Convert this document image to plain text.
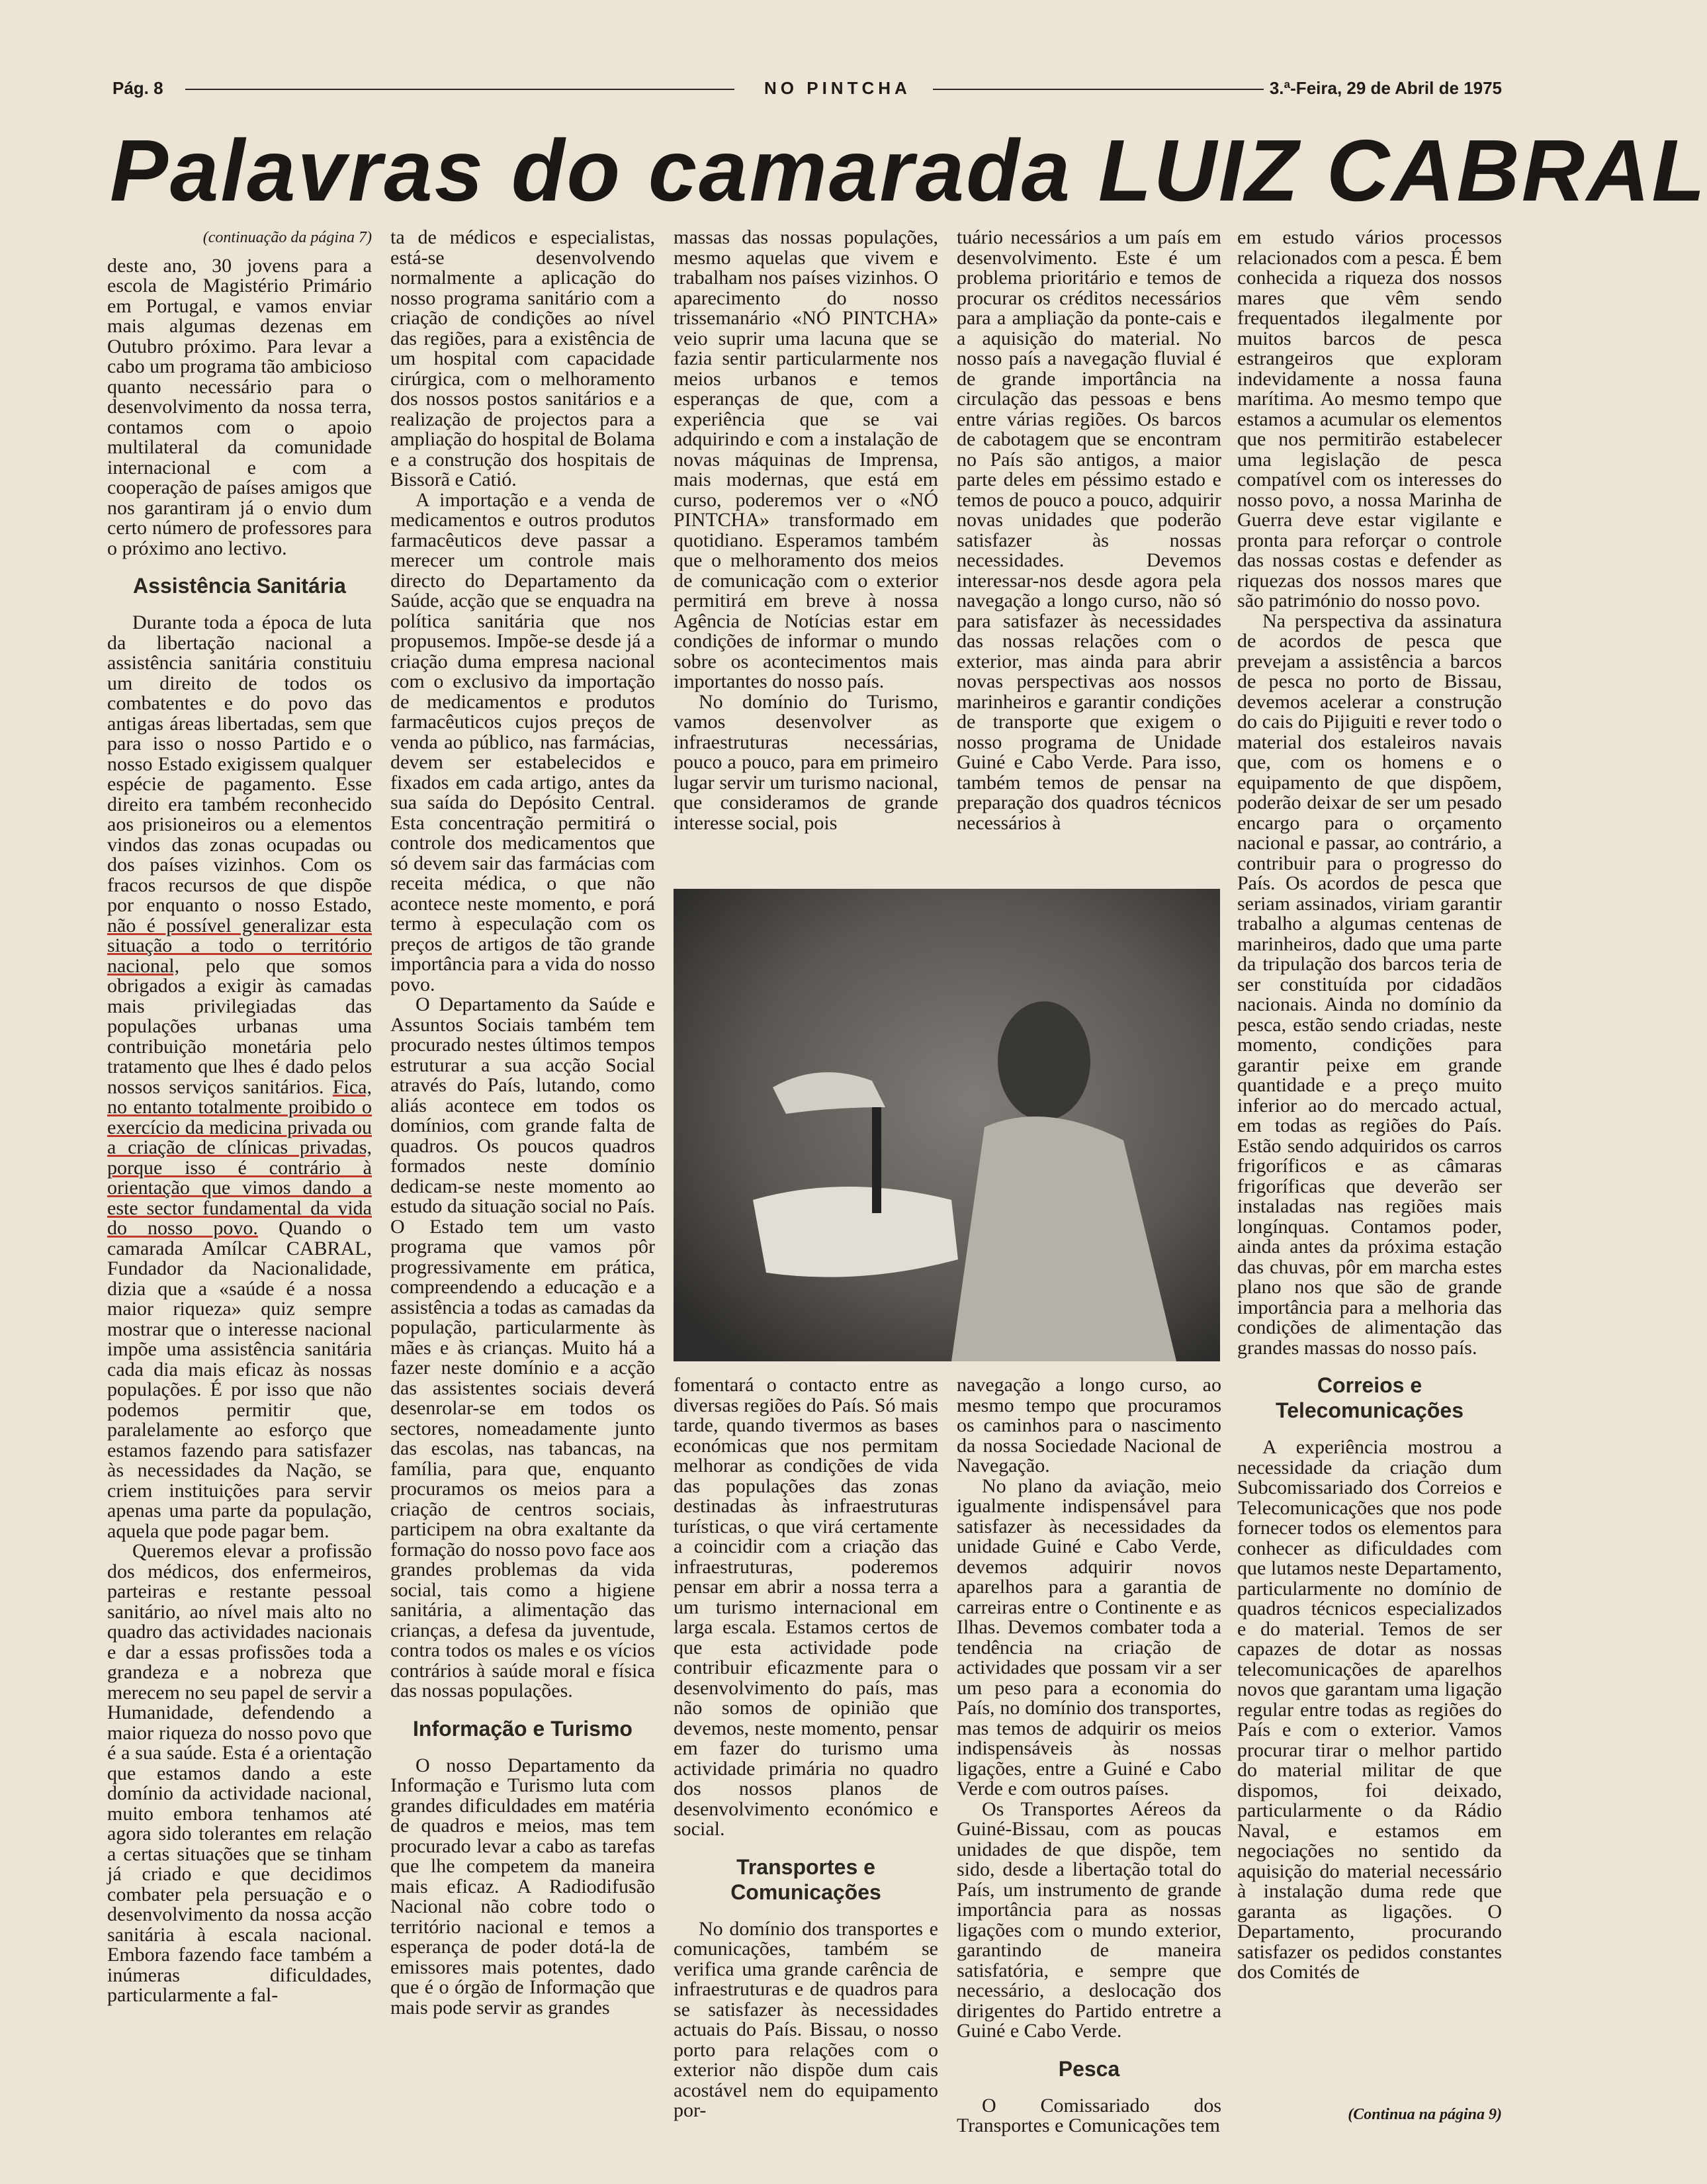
Pág. 8	NO PINTCHA	3.ª-Feira, 29 de Abril de 1975
Palavras do camarada LUIZ CABRAL
(continuação da página 7)

deste ano, 30 jovens para a escola de Magistério Primário em Portugal, e vamos enviar mais algumas dezenas em Outubro próximo. Para levar a cabo um programa tão ambicioso quanto necessário para o desenvolvimento da nossa terra, contamos com o apoio multilateral da comunidade internacional e com a cooperação de países amigos que nos garantiram já o envio dum certo número de professores para o próximo ano lectivo.

Assistência Sanitária

Durante toda a época de luta da libertação nacional a assistência sanitária constituiu um direito de todos os combatentes e do povo das antigas áreas libertadas, sem que para isso o nosso Partido e o nosso Estado exigissem qualquer espécie de pagamento. Esse direito era também reconhecido aos prisioneiros ou a elementos vindos das zonas ocupadas ou dos países vizinhos. Com os fracos recursos de que dispõe por enquanto o nosso Estado, não é possível generalizar esta situação a todo o território nacional, pelo que somos obrigados a exigir às camadas mais privilegiadas das populações urbanas uma contribuição monetária pelo tratamento que lhes é dado pelos nossos serviços sanitários. Fica, no entanto totalmente proibido o exercício da medicina privada ou a criação de clínicas privadas, porque isso é contrário à orientação que vimos dando a este sector fundamental da vida do nosso povo. Quando o camarada Amílcar CABRAL, Fundador da Nacionalidade, dizia que a «saúde é a nossa maior riqueza» quiz sempre mostrar que o interesse nacional impõe uma assistência sanitária cada dia mais eficaz às nossas populações. É por isso que não podemos permitir que, paralelamente ao esforço que estamos fazendo para satisfazer às necessidades da Nação, se criem instituições para servir apenas uma parte da população, aquela que pode pagar bem.

Queremos elevar a profissão dos médicos, dos enfermeiros, parteiras e restante pessoal sanitário, ao nível mais alto no quadro das actividades nacionais e dar a essas profissões toda a grandeza e a nobreza que merecem no seu papel de servir a Humanidade, defendendo a maior riqueza do nosso povo que é a sua saúde. Esta é a orientação que estamos dando a este domínio da actividade nacional, muito embora tenhamos até agora sido tolerantes em relação a certas situações que se tinham já criado e que decidimos combater pela persuação e o desenvolvimento da nossa acção sanitária à escala nacional. Embora fazendo face também a inúmeras dificuldades, particularmente a fal-

ta de médicos e especialistas, está-se desenvolvendo normalmente a aplicação do nosso programa sanitário com a criação de condições ao nível das regiões, para a existência de um hospital com capacidade cirúrgica, com o melhoramento dos nossos postos sanitários e a realização de projectos para a ampliação do hospital de Bolama e a construção dos hospitais de Bissorã e Catió.

A importação e a venda de medicamentos e outros produtos farmacêuticos deve passar a merecer um controle mais directo do Departamento da Saúde, acção que se enquadra na política sanitária que nos propusemos. Impõe-se desde já a criação duma empresa nacional com o exclusivo da importação de medicamentos e produtos farmacêuticos cujos preços de venda ao público, nas farmácias, devem ser estabelecidos e fixados em cada artigo, antes da sua saída do Depósito Central. Esta concentração permitirá o controle dos medicamentos que só devem sair das farmácias com receita médica, o que não acontece neste momento, e porá termo à especulação com os preços de artigos de tão grande importância para a vida do nosso povo.

O Departamento da Saúde e Assuntos Sociais também tem procurado nestes últimos tempos estruturar a sua acção Social através do País, lutando, como aliás acontece em todos os domínios, com grande falta de quadros. Os poucos quadros formados neste domínio dedicam-se neste momento ao estudo da situação social no País. O Estado tem um vasto programa que vamos pôr progressivamente em prática, compreendendo a educação e a assistência a todas as camadas da população, particularmente às mães e às crianças. Muito há a fazer neste domínio e a acção das assistentes sociais deverá desenrolar-se em todos os sectores, nomeadamente junto das escolas, nas tabancas, na família, para que, enquanto procuramos os meios para a criação de centros sociais, participem na obra exaltante da formação do nosso povo face aos grandes problemas da vida social, tais como a higiene sanitária, a alimentação das crianças, a defesa da juventude, contra todos os males e os vícios contrários à saúde moral e física das nossas populações.

Informação e Turismo

O nosso Departamento da Informação e Turismo luta com grandes dificuldades em matéria de quadros e meios, mas tem procurado levar a cabo as tarefas que lhe competem da maneira mais eficaz. A Radiodifusão Nacional não cobre todo o território nacional e temos a esperança de poder dotá-la de emissores mais potentes, dado que é o órgão de Informação que mais pode servir as grandes

massas das nossas populações, mesmo aquelas que vivem e trabalham nos países vizinhos. O aparecimento do nosso trissemanário «NÓ PINTCHA» veio suprir uma lacuna que se fazia sentir particularmente nos meios urbanos e temos esperanças de que, com a experiência que se vai adquirindo e com a instalação de novas máquinas de Imprensa, mais modernas, que está em curso, poderemos ver o «NÓ PINTCHA» transformado em quotidiano. Esperamos também que o melhoramento dos meios de comunicação com o exterior permitirá em breve à nossa Agência de Notícias estar em condições de informar o mundo sobre os acontecimentos mais importantes do nosso país.

No domínio do Turismo, vamos desenvolver as infraestruturas necessárias, pouco a pouco, para em primeiro lugar servir um turismo nacional, que consideramos de grande interesse social, pois

tuário necessários a um país em desenvolvimento. Este é um problema prioritário e temos de procurar os créditos necessários para a ampliação da ponte-cais e a aquisição do material. No nosso país a navegação fluvial é de grande importância na circulação das pessoas e bens entre várias regiões. Os barcos de cabotagem que se encontram no País são antigos, a maior parte deles em péssimo estado e temos de pouco a pouco, adquirir novas unidades que poderão satisfazer às nossas necessidades. Devemos interessar-nos desde agora pela navegação a longo curso, não só para satisfazer às necessidades das nossas relações com o exterior, mas ainda para abrir novas perspectivas aos nossos marinheiros e garantir condições de transporte que exigem o nosso programa de Unidade Guiné e Cabo Verde. Para isso, também temos de pensar na preparação dos quadros técnicos necessários à

fomentará o contacto entre as diversas regiões do País. Só mais tarde, quando tivermos as bases económicas que nos permitam melhorar as condições de vida das populações das zonas destinadas às infraestruturas turísticas, o que virá certamente a coincidir com a criação das infraestruturas, poderemos pensar em abrir a nossa terra a um turismo internacional em larga escala. Estamos certos de que esta actividade pode contribuir eficazmente para o desenvolvimento do país, mas não somos de opinião que devemos, neste momento, pensar em fazer do turismo uma actividade primária no quadro dos nossos planos de desenvolvimento económico e social.

Transportes e Comunicações

No domínio dos transportes e comunicações, também se verifica uma grande carência de infraestruturas e de quadros para se satisfazer às necessidades actuais do País. Bissau, o nosso porto para relações com o exterior não dispõe dum cais acostável nem do equipamento por-

navegação a longo curso, ao mesmo tempo que procuramos os caminhos para o nascimento da nossa Sociedade Nacional de Navegação.

No plano da aviação, meio igualmente indispensável para satisfazer às necessidades da unidade Guiné e Cabo Verde, devemos adquirir novos aparelhos para a garantia de carreiras entre o Continente e as Ilhas. Devemos combater toda a tendência na criação de actividades que possam vir a ser um peso para a economia do País, no domínio dos transportes, mas temos de adquirir os meios indispensáveis às nossas ligações, entre a Guiné e Cabo Verde e com outros países.

Os Transportes Aéreos da Guiné-Bissau, com as poucas unidades de que dispõe, tem sido, desde a libertação total do País, um instrumento de grande importância para as nossas ligações com o mundo exterior, garantindo de maneira satisfatória, e sempre que necessário, a deslocação dos dirigentes do Partido entretre a Guiné e Cabo Verde.

Pesca

O Comissariado dos Transportes e Comunicações tem

em estudo vários processos relacionados com a pesca. É bem conhecida a riqueza dos nossos mares que vêm sendo frequentados ilegalmente por muitos barcos de pesca estrangeiros que exploram indevidamente a nossa fauna marítima. Ao mesmo tempo que estamos a acumular os elementos que nos permitirão estabelecer uma legislação de pesca compatível com os interesses do nosso povo, a nossa Marinha de Guerra deve estar vigilante e pronta para reforçar o controle das nossas costas e defender as riquezas dos nossos mares que são património do nosso povo.

Na perspectiva da assinatura de acordos de pesca que prevejam a assistência a barcos de pesca no porto de Bissau, devemos acelerar a construção do cais do Pijiguiti e rever todo o material dos estaleiros navais que, com os homens e o equipamento de que dispõem, poderão deixar de ser um pesado encargo para o orçamento nacional e passar, ao contrário, a contribuir para o progresso do País. Os acordos de pesca que seriam assinados, viriam garantir trabalho a algumas centenas de marinheiros, dado que uma parte da tripulação dos barcos teria de ser constituída por cidadãos nacionais. Ainda no domínio da pesca, estão sendo criadas, neste momento, condições para garantir peixe em grande quantidade e a preço muito inferior ao do mercado actual, em todas as regiões do País. Estão sendo adquiridos os carros frigoríficos e as câmaras frigoríficas que deverão ser instaladas nas regiões mais longínquas. Contamos poder, ainda antes da próxima estação das chuvas, pôr em marcha estes plano nos que são de grande importância para a melhoria das condições de alimentação das grandes massas do nosso país.

Correios e Telecomunicações

A experiência mostrou a necessidade da criação dum Subcomissariado dos Correios e Telecomunicações que nos pode fornecer todos os elementos para conhecer as dificuldades com que lutamos neste Departamento, particularmente no domínio de quadros técnicos especializados e do material. Temos de ser capazes de dotar as nossas telecomunicações de aparelhos novos que garantam uma ligação regular entre todas as regiões do País e com o exterior. Vamos procurar tirar o melhor partido do material militar de que dispomos, foi deixado, particularmente o da Rádio Naval, e estamos em negociações no sentido da aquisição do material necessário à instalação duma rede que garanta as ligações. O Departamento, procurando satisfazer os pedidos constantes dos Comités de

(Continua na página 9)
